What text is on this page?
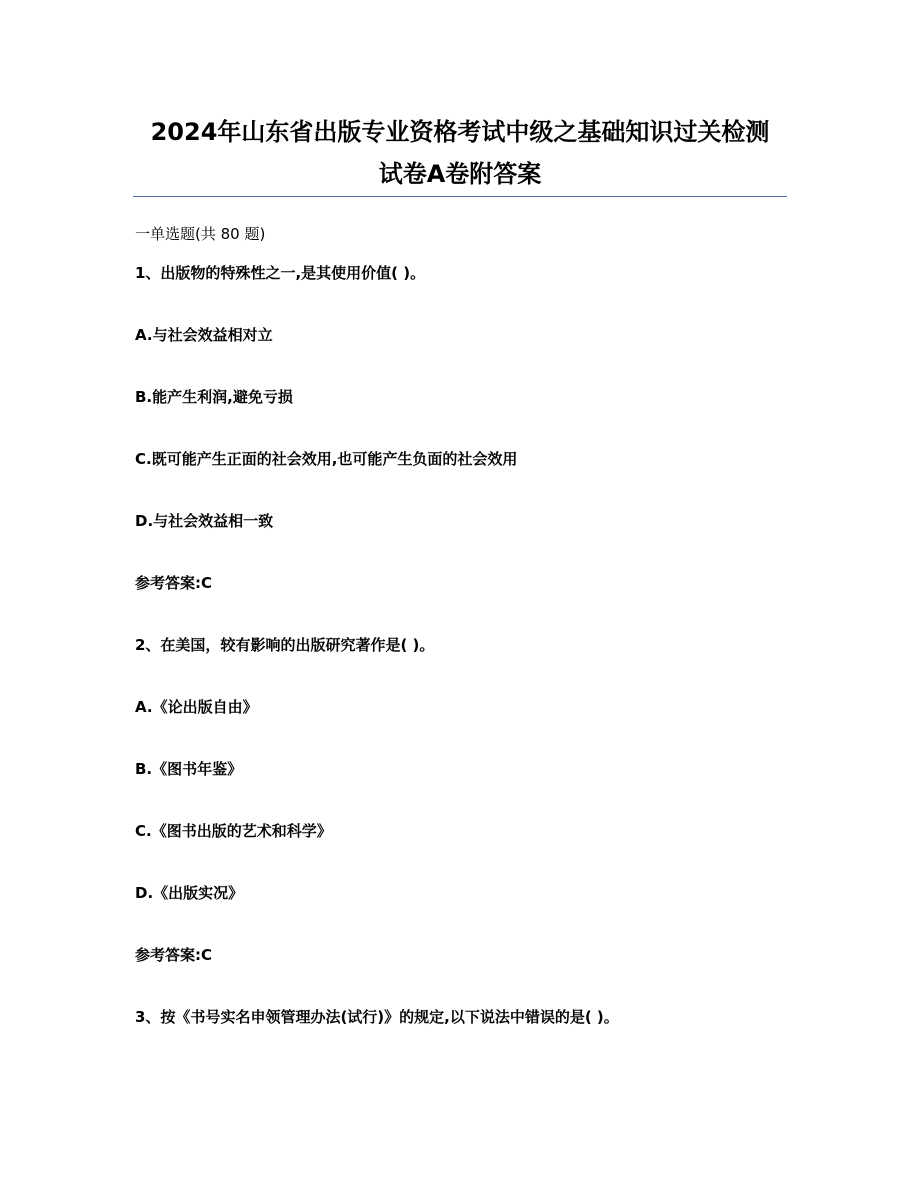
2024年山东省出版专业资格考试中级之基础知识过关检测
试卷A卷附答案
一单选题(共 80 题)
1、出版物的特殊性之一,是其使用价值( )。
A.与社会效益相对立
B.能产生利润,避免亏损
C.既可能产生正面的社会效用,也可能产生负面的社会效用
D.与社会效益相一致
参考答案:C
2、在美国，较有影响的出版研究著作是( )。
A.《论出版自由》
B.《图书年鉴》
C.《图书出版的艺术和科学》
D.《出版实况》
参考答案:C
3、按《书号实名申领管理办法(试行)》的规定,以下说法中错误的是( )。
